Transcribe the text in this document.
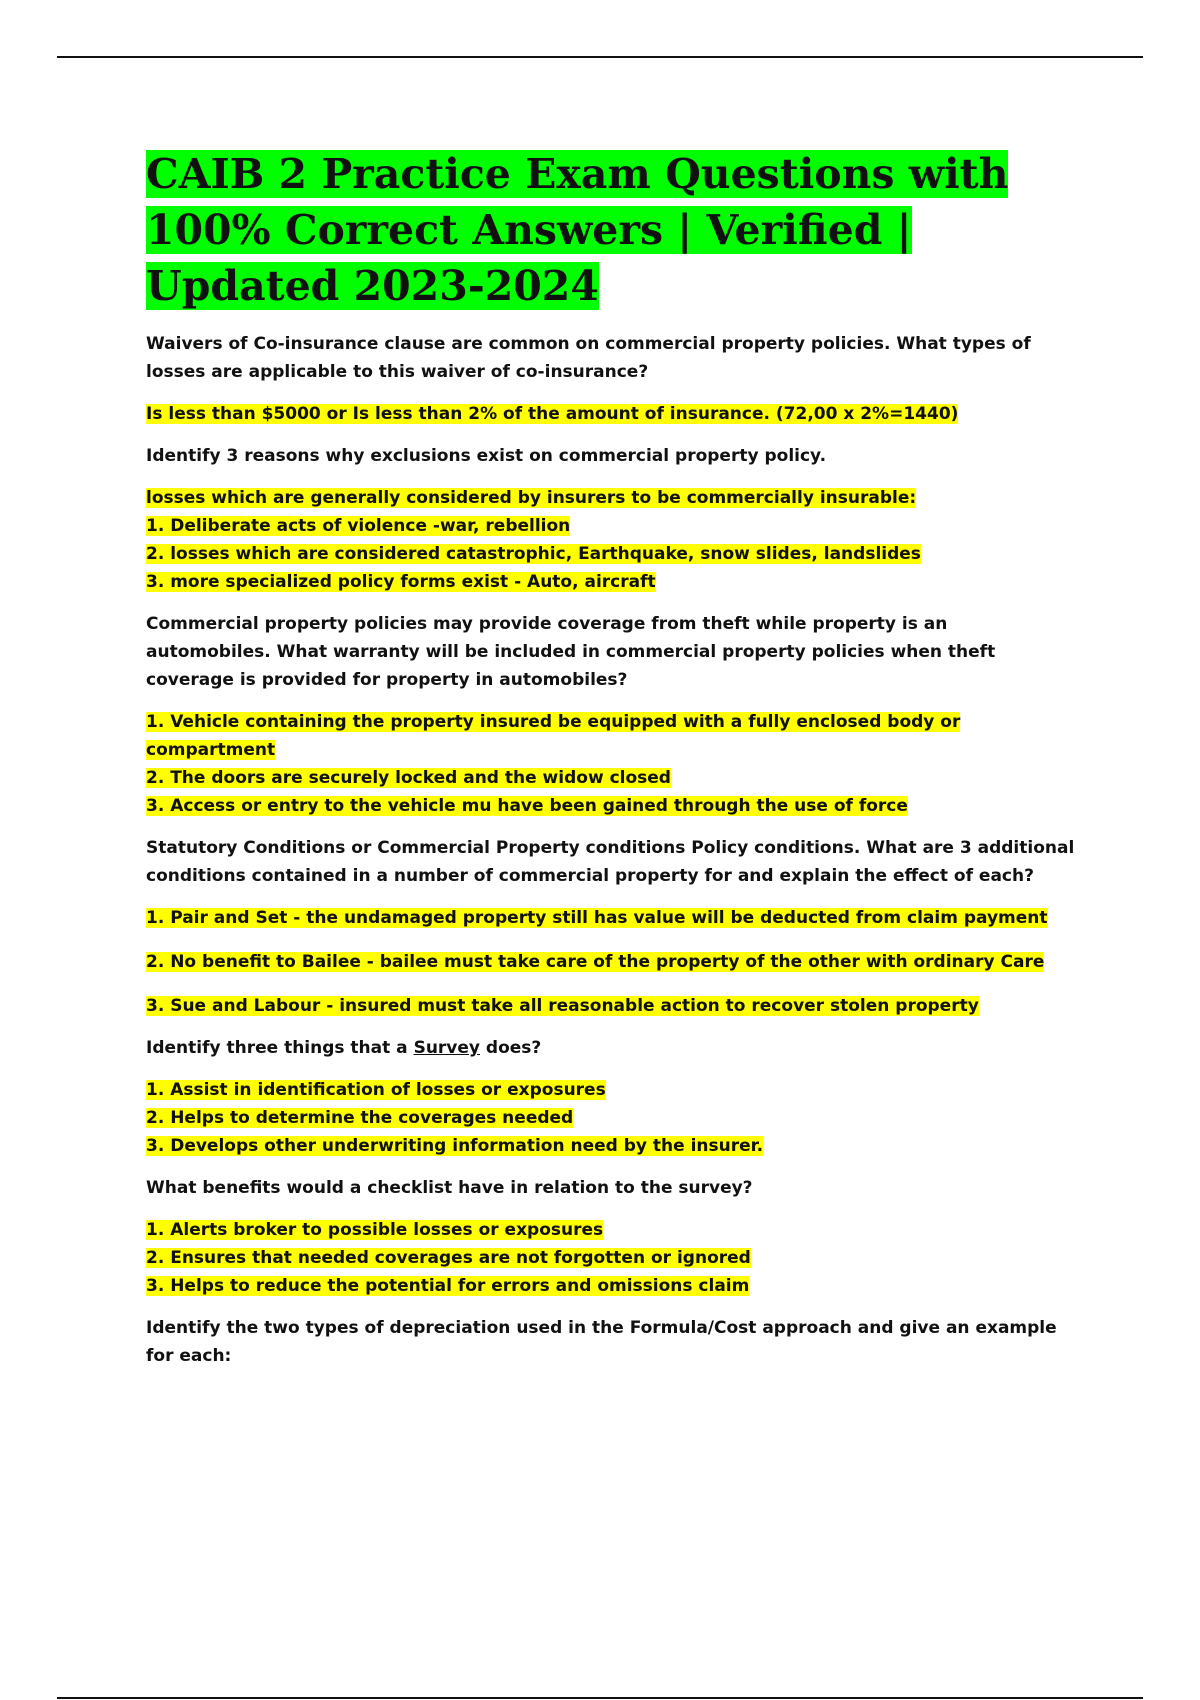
CAIB 2 Practice Exam Questions with 100% Correct Answers | Verified | Updated 2023-2024

Waivers of Co-insurance clause are common on commercial property policies. What types of losses are applicable to this waiver of co-insurance?

Is less than $5000 or Is less than 2% of the amount of insurance. (72,00 x 2%=1440)

Identify 3 reasons why exclusions exist on commercial property policy.

losses which are generally considered by insurers to be commercially insurable:
1. Deliberate acts of violence -war, rebellion
2. losses which are considered catastrophic, Earthquake, snow slides, landslides
3. more specialized policy forms exist - Auto, aircraft

Commercial property policies may provide coverage from theft while property is an automobiles. What warranty will be included in commercial property policies when theft coverage is provided for property in automobiles?

1. Vehicle containing the property insured be equipped with a fully enclosed body or compartment
2. The doors are securely locked and the widow closed
3. Access or entry to the vehicle mu have been gained through the use of force

Statutory Conditions or Commercial Property conditions Policy conditions. What are 3 additional conditions contained in a number of commercial property for and explain the effect of each?

1. Pair and Set - the undamaged property still has value will be deducted from claim payment
2. No benefit to Bailee - bailee must take care of the property of the other with ordinary Care
3. Sue and Labour - insured must take all reasonable action to recover stolen property

Identify three things that a Survey does?

1. Assist in identification of losses or exposures
2. Helps to determine the coverages needed
3. Develops other underwriting information need by the insurer.

What benefits would a checklist have in relation to the survey?

1. Alerts broker to possible losses or exposures
2. Ensures that needed coverages are not forgotten or ignored
3. Helps to reduce the potential for errors and omissions claim

Identify the two types of depreciation used in the Formula/Cost approach and give an example for each:
